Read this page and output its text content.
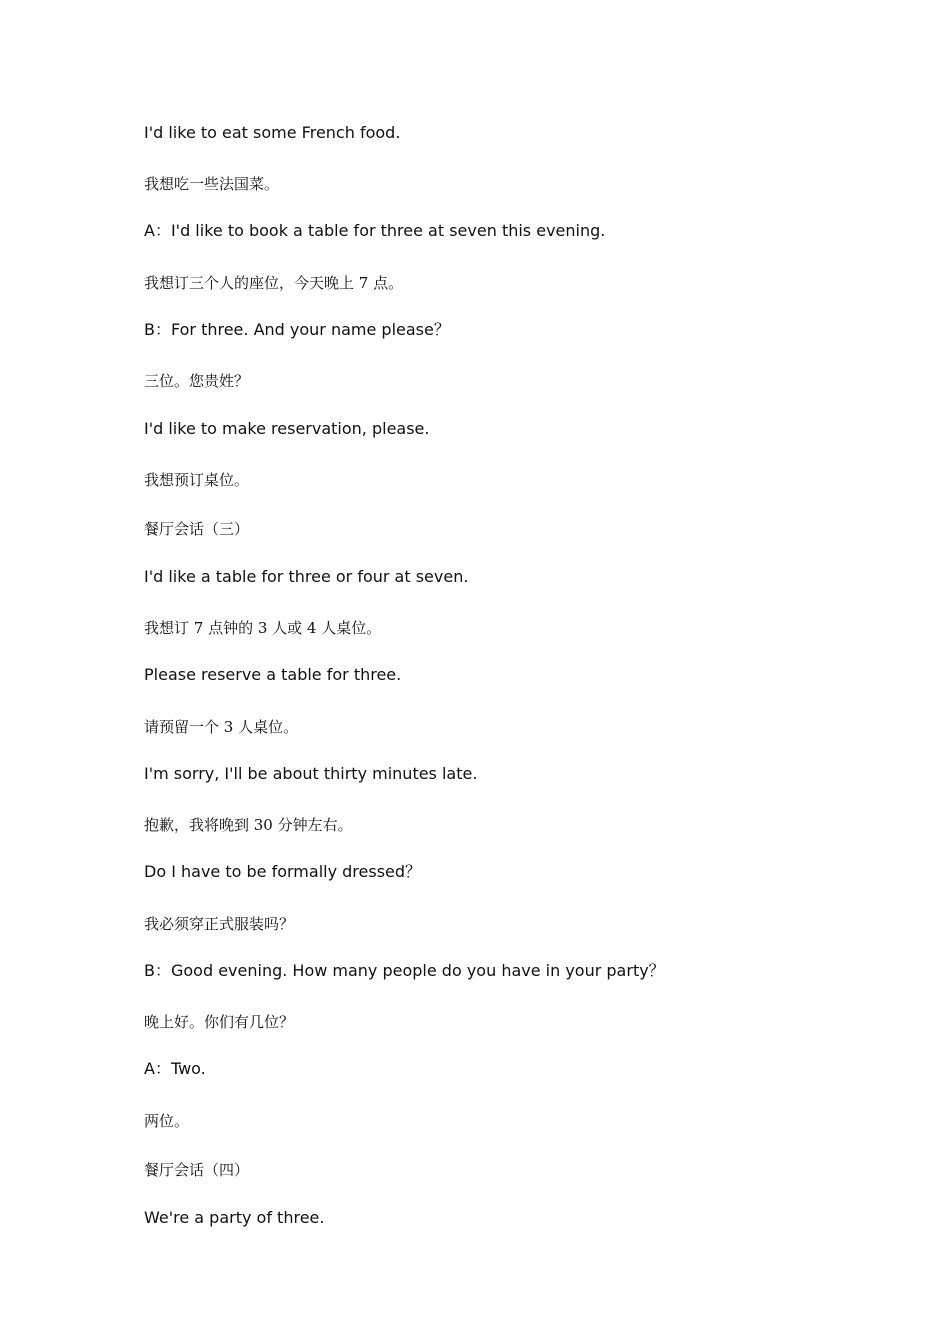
I'd like to eat some French food.
我想吃一些法国菜。
A：I'd like to book a table for three at seven this evening.
我想订三个人的座位，今天晚上 7 点。
B：For three. And your name please？
三位。您贵姓？
I'd like to make reservation, please.
我想预订桌位。
餐厅会话（三）
I'd like a table for three or four at seven.
我想订 7 点钟的 3 人或 4 人桌位。
Please reserve a table for three.
请预留一个 3 人桌位。
I'm sorry, I'll be about thirty minutes late.
抱歉，我将晚到 30 分钟左右。
Do I have to be formally dressed？
我必须穿正式服装吗？
B：Good evening. How many people do you have in your party？
晚上好。你们有几位？
A：Two.
两位。
餐厅会话（四）
We're a party of three.
